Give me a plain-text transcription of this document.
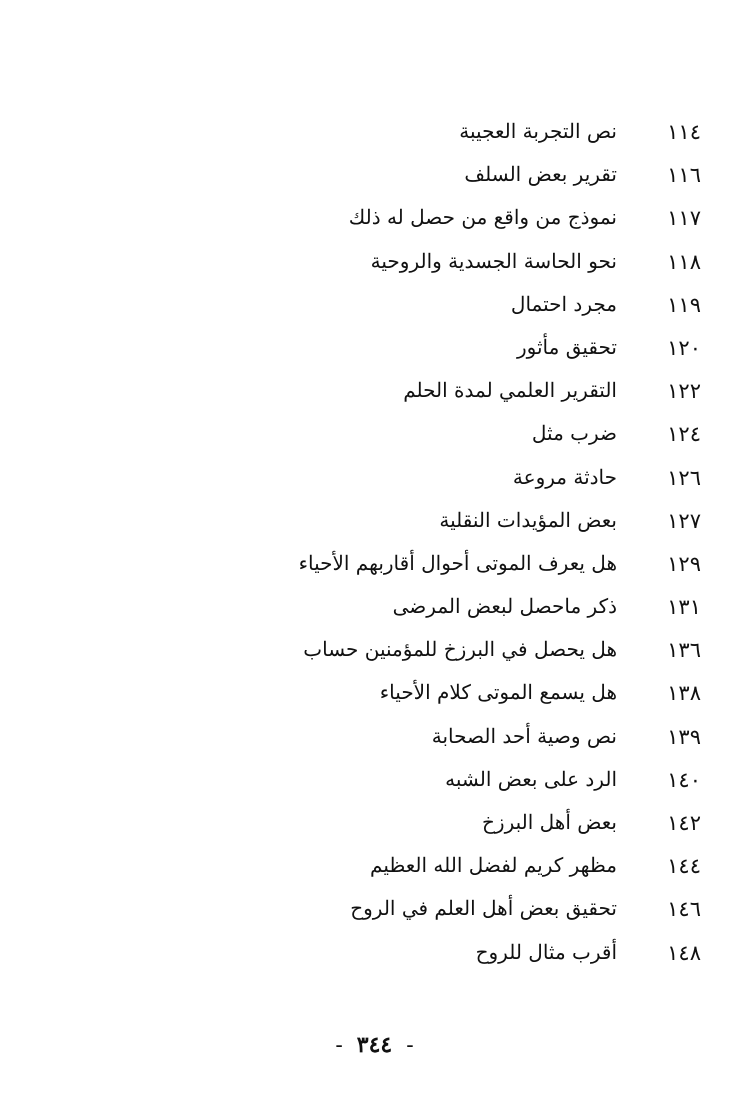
١١٤
نص التجربة العجيبة
١١٦
تقرير بعض السلف
١١٧
نموذج من واقع من حصل له ذلك
١١٨
نحو الحاسة الجسدية والروحية
١١٩
مجرد احتمال
١٢٠
تحقيق مأثور
١٢٢
التقرير العلمي لمدة الحلم
١٢٤
ضرب مثل
١٢٦
حادثة مروعة
١٢٧
بعض المؤيدات النقلية
١٢٩
هل يعرف الموتى أحوال أقاربهم الأحياء
١٣١
ذكر ماحصل لبعض المرضى
١٣٦
هل يحصل في البرزخ للمؤمنين حساب
١٣٨
هل يسمع الموتى كلام الأحياء
١٣٩
نص وصية أحد الصحابة
١٤٠
الرد على بعض الشبه
١٤٢
بعض أهل البرزخ
١٤٤
مظهر كريم لفضل الله العظيم
١٤٦
تحقيق بعض أهل العلم في الروح
١٤٨
أقرب مثال للروح
-٣٤٤-
